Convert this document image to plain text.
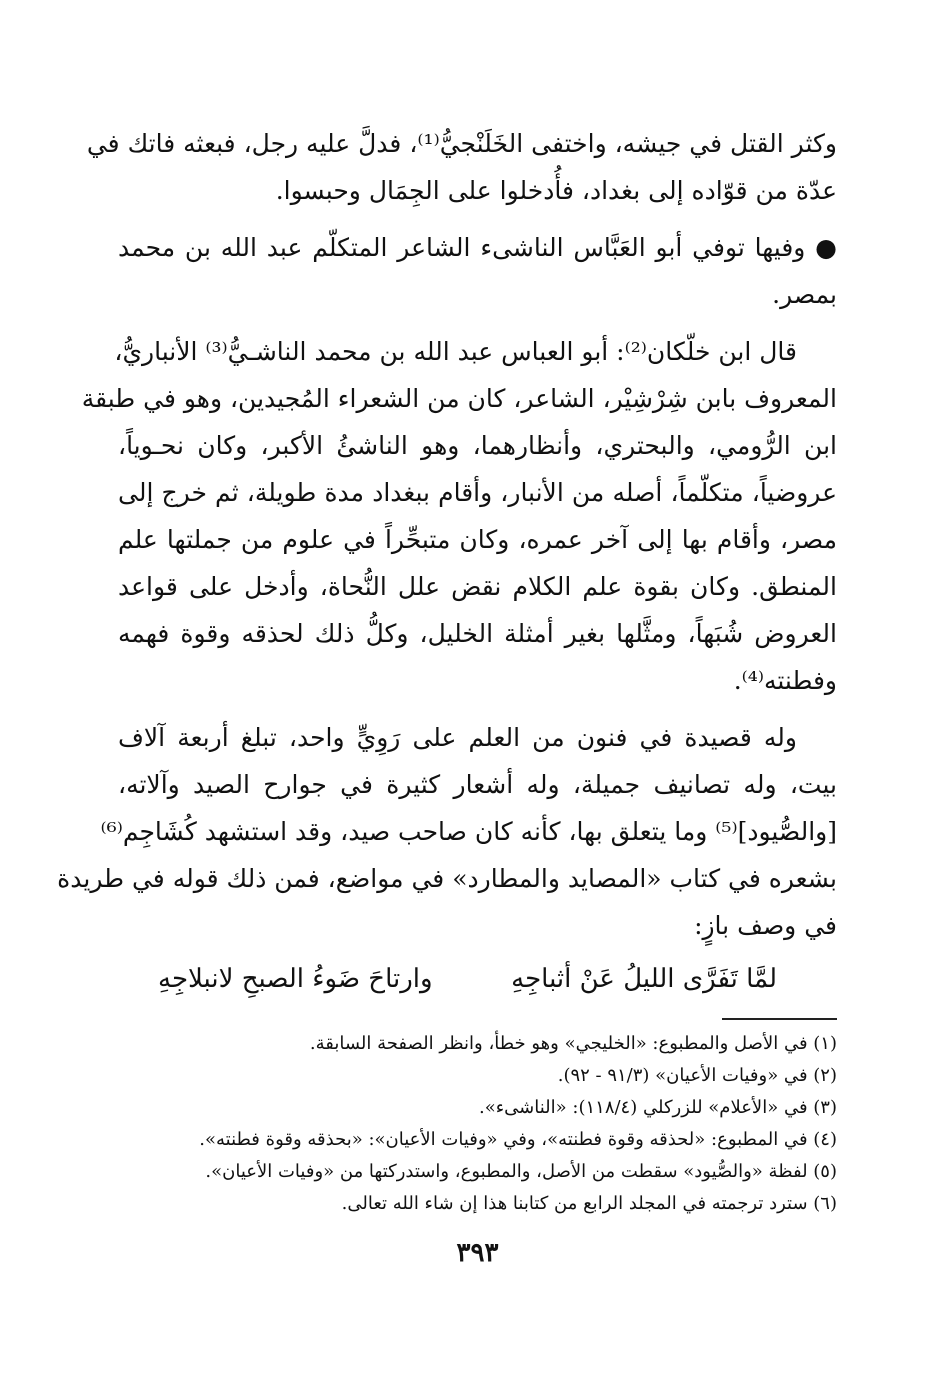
وكثر القتل في جيشه، واختفى الخَلَنْجيُّ⁽¹⁾، فدلَّ عليه رجل، فبعثه فاتك في
عدّة من قوّاده إلى بغداد، فأُدخلوا على الجِمَال وحبسوا.
● وفيها توفي أبو العَبَّاس الناشىء الشاعر المتكلّم عبد الله بن محمد
بمصر.
قال ابن خلّكان⁽²⁾: أبو العباس عبد الله بن محمد الناشـيُّ⁽³⁾ الأنباريُّ،
المعروف بابن شِرْشِيْر، الشاعر، كان من الشعراء المُجيدين، وهو في طبقة
ابن الرُّومي، والبحتري، وأنظارهما، وهو الناشئُ الأكبر، وكان نحـوياً،
عروضياً، متكلّماً، أصله من الأنبار، وأقام ببغداد مدة طويلة، ثم خرج إلى
مصر، وأقام بها إلى آخر عمره، وكان متبحِّراً في علوم من جملتها علم
المنطق. وكان بقوة علم الكلام نقض علل النُّحاة، وأدخل على قواعد
العروض شُبَهاً، ومثَّلها بغير أمثلة الخليل، وكلُّ ذلك لحذقه وقوة فهمه
وفطنته⁽⁴⁾.
وله قصيدة في فنون من العلم على رَوِيٍّ واحد، تبلغ أربعة آلاف
بيت، وله تصانيف جميلة، وله أشعار كثيرة في جوارح الصيد وآلاته،
[والصُّيود]⁽⁵⁾ وما يتعلق بها، كأنه كان صاحب صيد، وقد استشهد كُشَاجِم⁽⁶⁾
بشعره في كتاب «المصايد والمطارد» في مواضع، فمن ذلك قوله في طريدة
في وصف بازٍ:
لمَّا تَفَرَّى الليلُ عَنْ أثباجِهِ
وارتاحَ ضَوءُ الصبحِ لانبلاجِهِ
(١) في الأصل والمطبوع: «الخليجي» وهو خطأ، وانظر الصفحة السابقة.
(٢) في «وفيات الأعيان» (٩١/٣ - ٩٢).
(٣) في «الأعلام» للزركلي (١١٨/٤): «الناشىء».
(٤) في المطبوع: «لحذقه وقوة فطنته»، وفي «وفيات الأعيان»: «بحذقه وقوة فطنته».
(٥) لفظة «والصُّيود» سقطت من الأصل، والمطبوع، واستدركتها من «وفيات الأعيان».
(٦) سترد ترجمته في المجلد الرابع من كتابنا هذا إن شاء الله تعالى.
٣٩٣
